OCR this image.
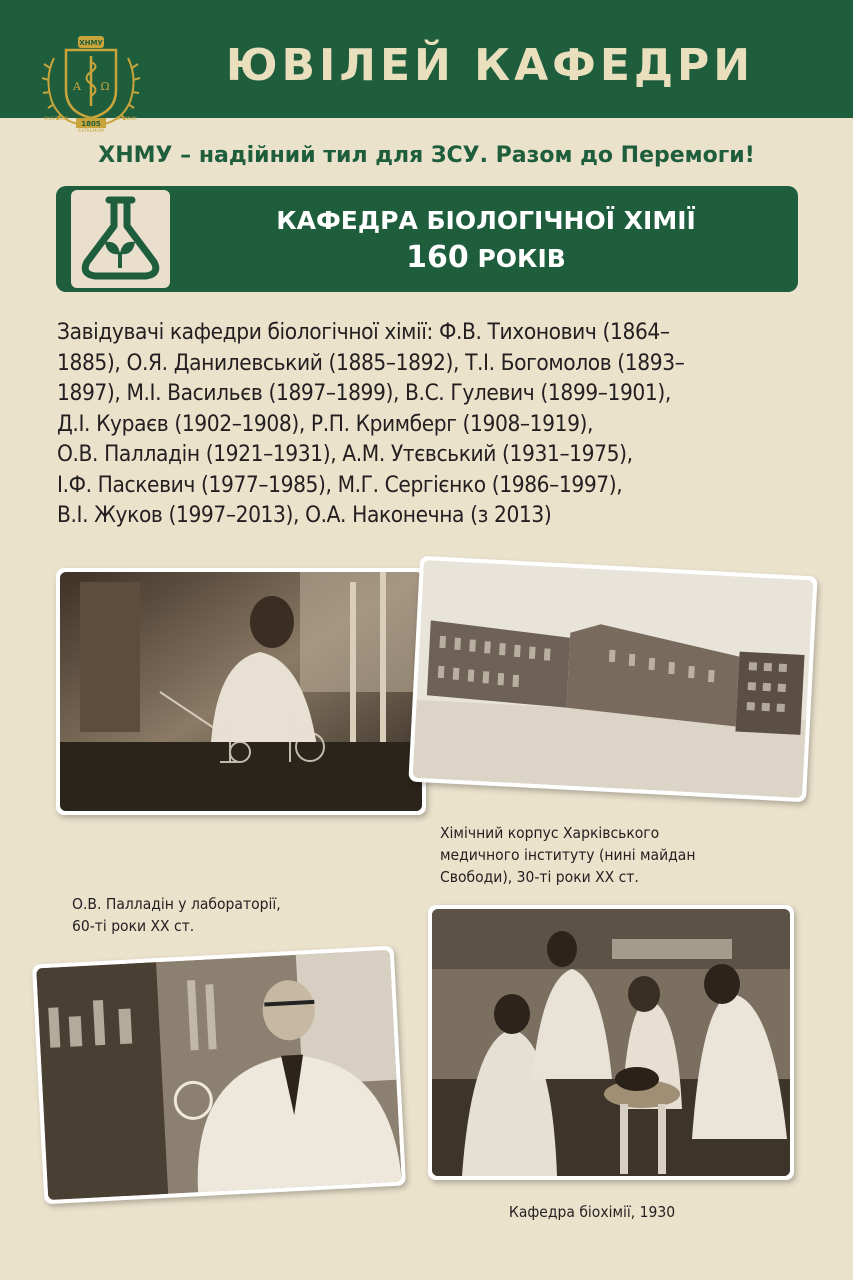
ЮВІЛЕЙ КАФЕДРИ
ХНМУ
Α Ω
1805
VALETUDO
EXTREMUM
OPTIMUM
ХНМУ – надійний тил для ЗСУ. Разом до Перемоги!
КАФЕДРА БІОЛОГІЧНОЇ ХІМІЇ
160 РОКІВ
Завідувачі кафедри біологічної хімії: Ф.В. Тихонович (1864–
1885), О.Я. Данилевський (1885–1892), Т.І. Богомолов (1893–
1897), М.І. Васильєв (1897–1899), В.С. Гулевич (1899–1901),
Д.І. Кураєв (1902–1908), Р.П. Кримберг (1908–1919),
О.В. Палладін (1921–1931), А.М. Утєвський (1931–1975),
І.Ф. Паскевич (1977–1985), М.Г. Сергієнко (1986–1997),
В.І. Жуков (1997–2013), О.А. Наконечна (з 2013)
Хімічний корпус Харківського
медичного інституту (нині майдан
Свободи), 30-ті роки XX ст.
О.В. Палладін у лабораторії,
60-ті роки XX ст.
Кафедра біохімії, 1930
